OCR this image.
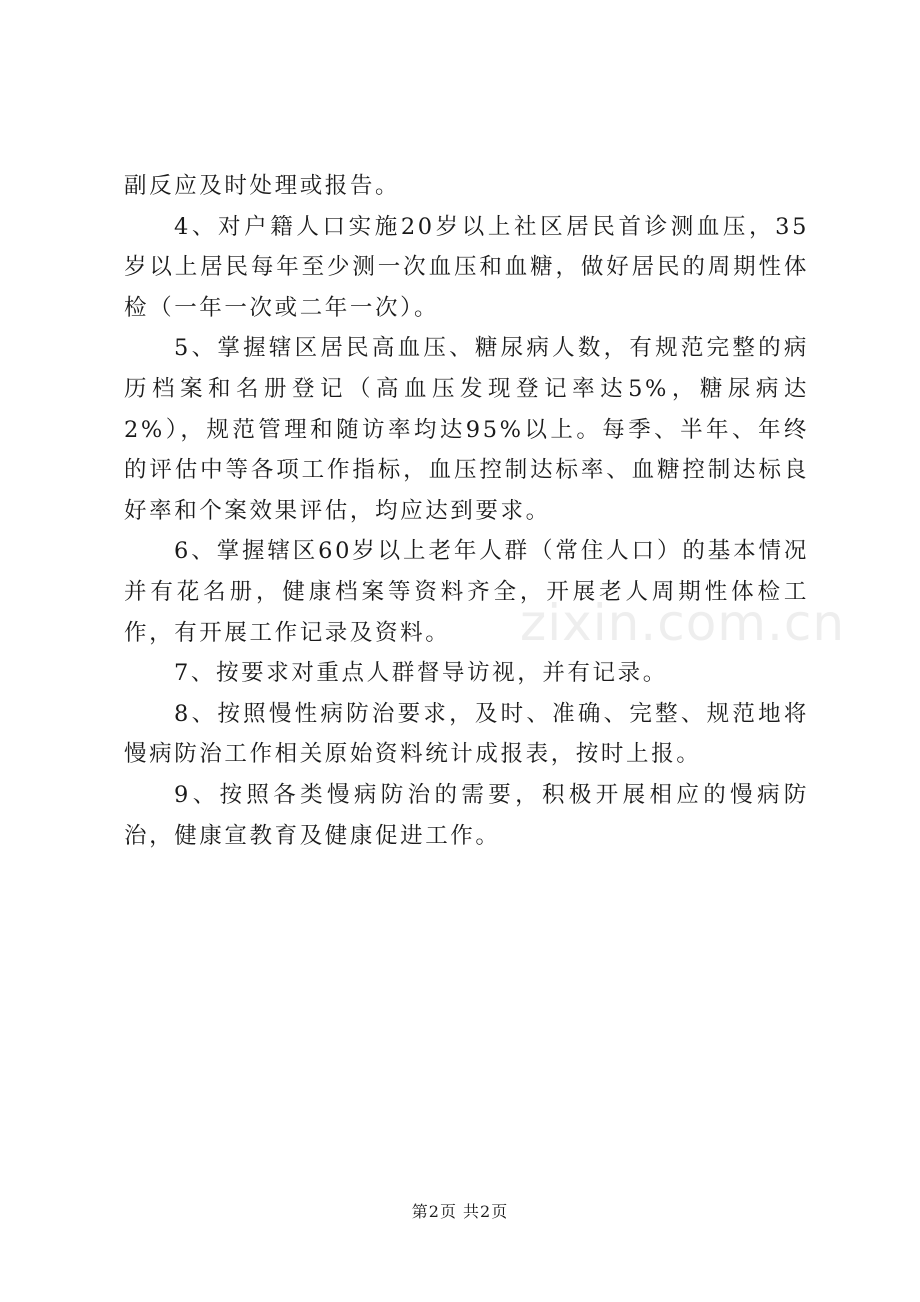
副反应及时处理或报告。

4、对户籍人口实施20岁以上社区居民首诊测血压，35岁以上居民每年至少测一次血压和血糖，做好居民的周期性体检（一年一次或二年一次）。

5、掌握辖区居民高血压、糖尿病人数，有规范完整的病历档案和名册登记（高血压发现登记率达5%，糖尿病达2%），规范管理和随访率均达95%以上。每季、半年、年终的评估中等各项工作指标，血压控制达标率、血糖控制达标良好率和个案效果评估，均应达到要求。

6、掌握辖区60岁以上老年人群（常住人口）的基本情况并有花名册，健康档案等资料齐全，开展老人周期性体检工作，有开展工作记录及资料。

7、按要求对重点人群督导访视，并有记录。

8、按照慢性病防治要求，及时、准确、完整、规范地将慢病防治工作相关原始资料统计成报表，按时上报。

9、按照各类慢病防治的需要，积极开展相应的慢病防治，健康宣教育及健康促进工作。

zixin.com.cn
第2页 共2页
